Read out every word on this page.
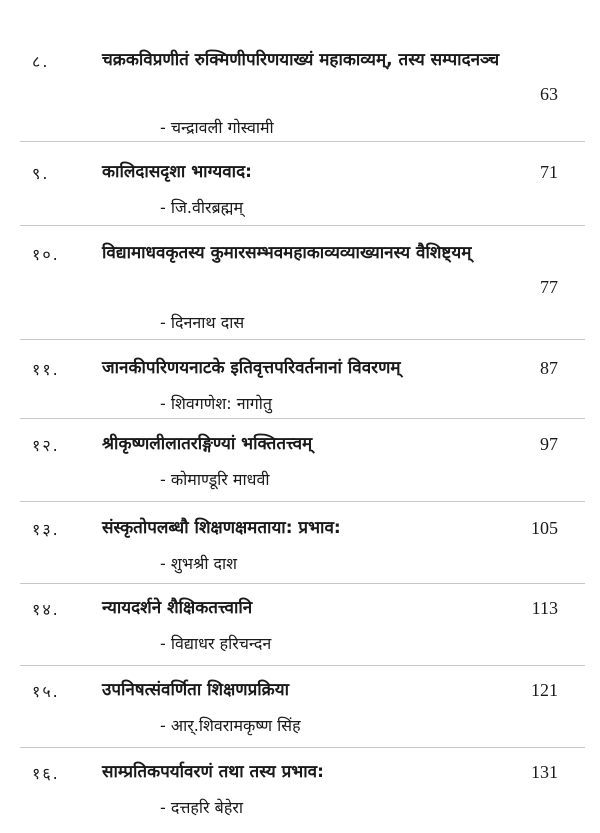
८.	चक्रकविप्रणीतं रुक्मिणीपरिणयाख्यं महाकाव्यम्, तस्य सम्पादनञ्च
63
- चन्द्रावली गोस्वामी
९.	कालिदासदृशा भाग्यवाद:	71
- जि.वीरब्रह्मम्
१०. विद्यामाधवकृतस्य कुमारसम्भवमहाकाव्यव्याख्यानस्य वैशिष्ट्यम्
77
- दिननाथ दास
११. जानकीपरिणयनाटके इतिवृत्तपरिवर्तनानां विवरणम्	87
- शिवगणेश: नागोतु
१२. श्रीकृष्णलीलातरङ्गिण्यां भक्तितत्त्वम्	97
- कोमाण्डूरि माधवी
१३. संस्कृतोपलब्धौ शिक्षणक्षमताया: प्रभाव:	105
- शुभश्री दाश
१४. न्यायदर्शने शैक्षिकतत्त्वानि	113
- विद्याधर हरिचन्दन
१५. उपनिषत्संवर्णिता शिक्षणप्रक्रिया	121
- आर्.शिवरामकृष्ण सिंह
१६. साम्प्रतिकपर्यावरणं तथा तस्य प्रभाव:	131
- दत्तहरि बेहेरा
